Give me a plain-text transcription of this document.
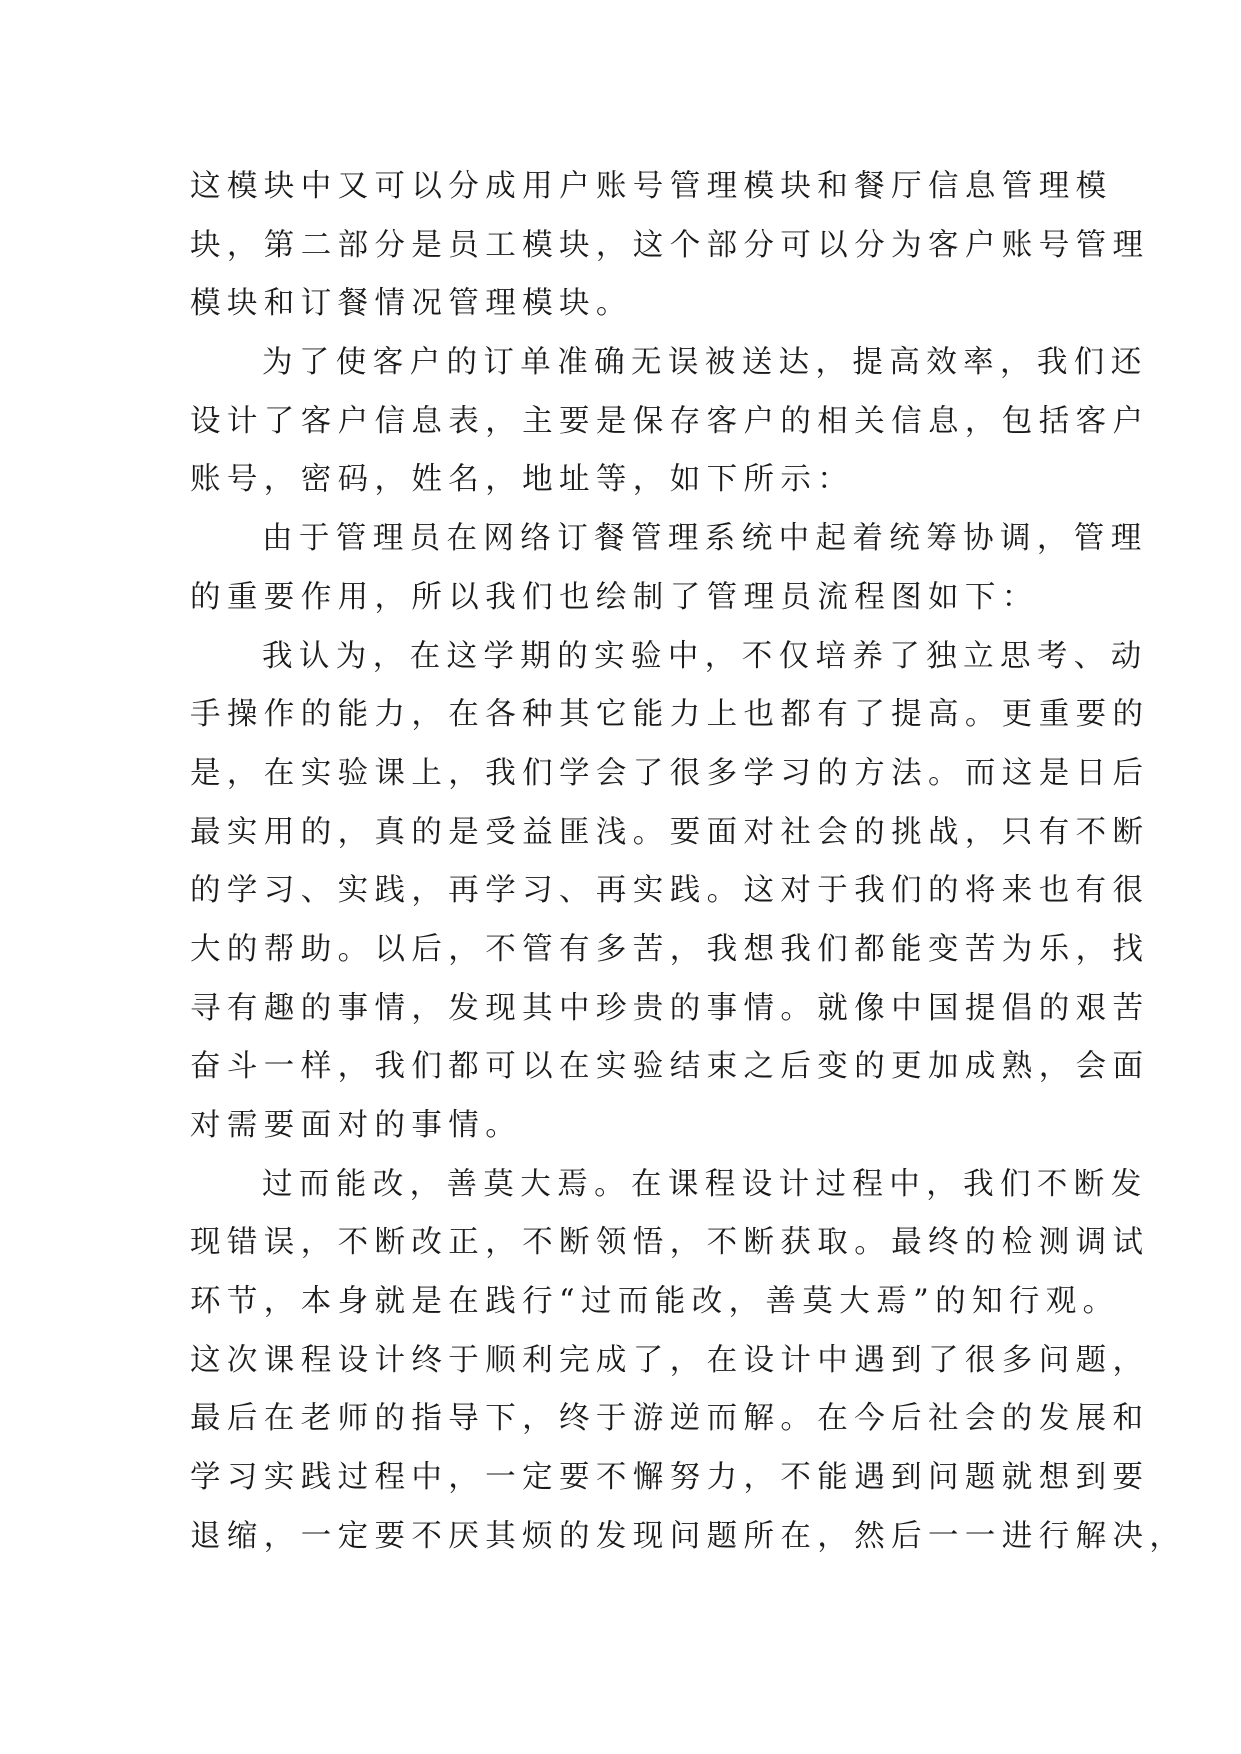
这模块中又可以分成用户账号管理模块和餐厅信息管理模
块，第二部分是员工模块，这个部分可以分为客户账号管理
模块和订餐情况管理模块。

为了使客户的订单准确无误被送达，提高效率，我们还
设计了客户信息表，主要是保存客户的相关信息，包括客户
账号，密码，姓名，地址等，如下所示：

由于管理员在网络订餐管理系统中起着统筹协调，管理
的重要作用，所以我们也绘制了管理员流程图如下：

我认为，在这学期的实验中，不仅培养了独立思考、动
手操作的能力，在各种其它能力上也都有了提高。更重要的
是，在实验课上，我们学会了很多学习的方法。而这是日后
最实用的，真的是受益匪浅。要面对社会的挑战，只有不断
的学习、实践，再学习、再实践。这对于我们的将来也有很
大的帮助。以后，不管有多苦，我想我们都能变苦为乐，找
寻有趣的事情，发现其中珍贵的事情。就像中国提倡的艰苦
奋斗一样，我们都可以在实验结束之后变的更加成熟，会面
对需要面对的事情。

过而能改，善莫大焉。在课程设计过程中，我们不断发
现错误，不断改正，不断领悟，不断获取。最终的检测调试
环节，本身就是在践行“过而能改，善莫大焉”的知行观。
这次课程设计终于顺利完成了，在设计中遇到了很多问题，
最后在老师的指导下，终于游逆而解。在今后社会的发展和
学习实践过程中，一定要不懈努力，不能遇到问题就想到要
退缩，一定要不厌其烦的发现问题所在，然后一一进行解决，
